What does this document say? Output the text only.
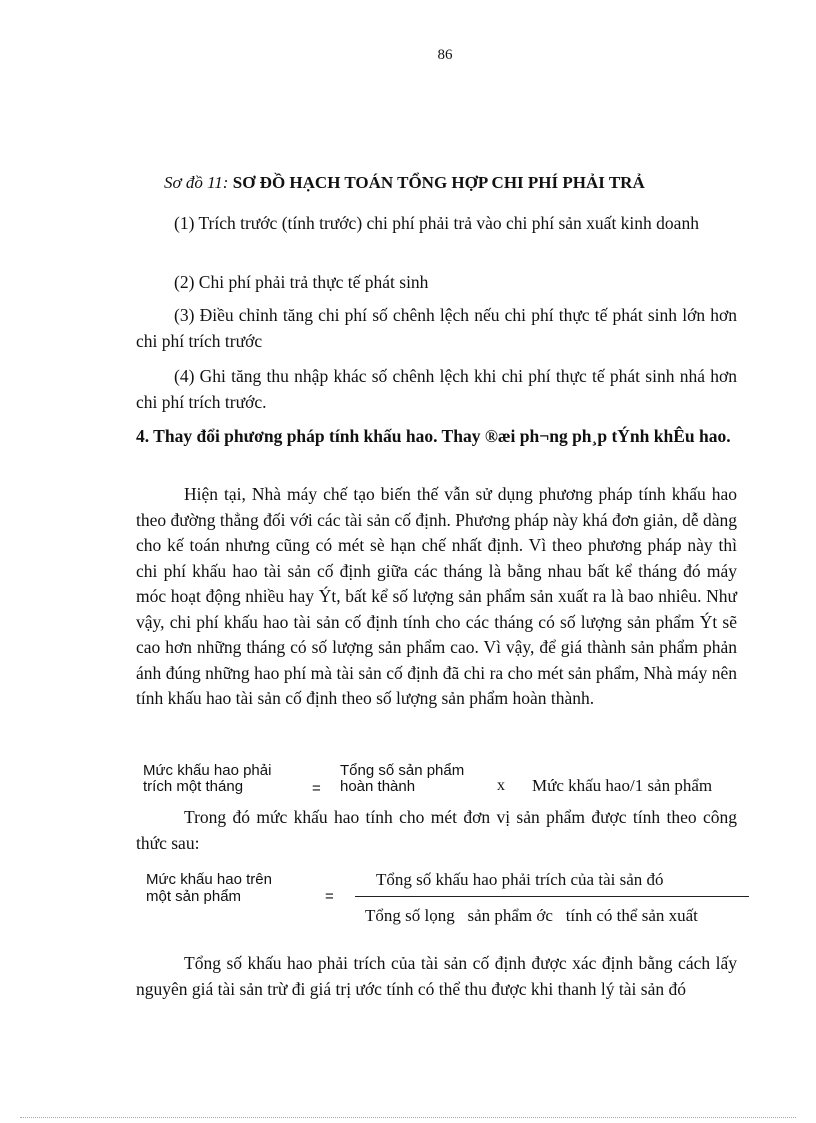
86
Sơ đồ 11: SƠ ĐỒ HẠCH TOÁN TỔNG HỢP CHI PHÍ PHẢI TRẢ

(1) Trích trước (tính trước) chi phí phải trả vào chi phí sản xuất kinh doanh

(2) Chi phí phải trả thực tế phát sinh

(3) Điều chỉnh tăng chi phí số chênh lệch nếu chi phí thực tế phát sinh lớn hơn chi phí trích trước

(4) Ghi tăng thu nhập khác số chênh lệch khi chi phí thực tế phát sinh nhá hơn chi phí trích trước.

4. Thay đổi phương pháp tính khấu hao. Thay ®æi ph¬ng ph¸p tÝnh khÊu hao.

Hiện tại, Nhà máy chế tạo biến thế vẫn sử dụng phương pháp tính khấu hao theo đường thẳng đối với các tài sản cố định. Phương pháp này khá đơn giản, dễ dàng cho kế toán nhưng cũng có mét sè hạn chế nhất định. Vì theo phương pháp này thì chi phí khấu hao tài sản cố định giữa các tháng là bằng nhau bất kể tháng đó máy móc hoạt động nhiều hay Ýt, bất kể số lượng sản phẩm sản xuất ra là bao nhiêu. Như vậy, chi phí khấu hao tài sản cố định tính cho các tháng có số lượng sản phẩm Ýt sẽ cao hơn những tháng có số lượng sản phẩm cao. Vì vậy, để giá thành sản phẩm phản ánh đúng những hao phí mà tài sản cố định đã chi ra cho mét sản phẩm, Nhà máy nên tính khấu hao tài sản cố định theo số lượng sản phẩm hoàn thành.

Mức khấu hao phải
trích một tháng	=
Tổng số sản phẩm
hoàn thành	x Mức khấu hao/1 sản phẩm

Trong đó mức khấu hao tính cho mét đơn vị sản phẩm được tính theo công thức sau:

Mức khấu hao trên
một sản phẩm	=
Tổng số khấu hao phải trích của tài sản đó
Tổng số lọng   sản phẩm ớc   tính có thể sản xuất

Tổng số khấu hao phải trích của tài sản cố định được xác định bằng cách lấy nguyên giá tài sản trừ đi giá trị ước tính có thể thu được khi thanh lý tài sản đó
